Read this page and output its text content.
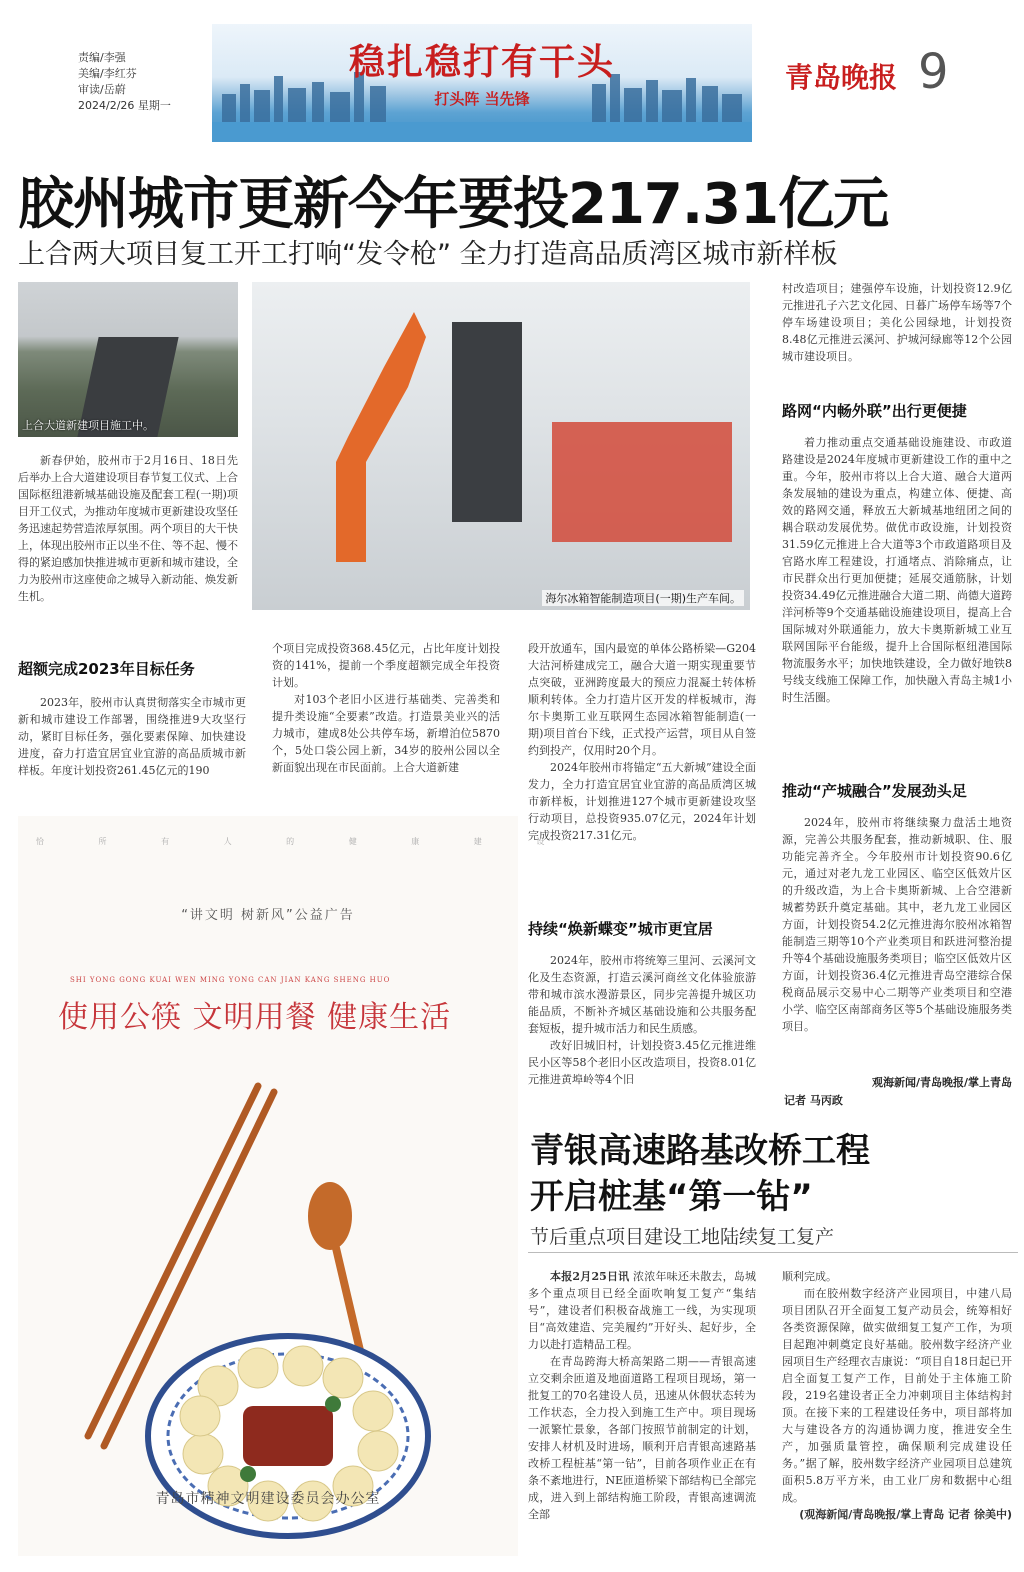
责编/李强
美编/李红芬
审读/岳蔚
2024/2/26 星期一
稳扎稳打有干头
打头阵 当先锋
青岛晚报 9
胶州城市更新今年要投217.31亿元
上合两大项目复工开工打响“发令枪” 全力打造高品质湾区城市新样板
上合大道新建项目施工中。
海尔冰箱智能制造项目(一期)生产车间。

新春伊始，胶州市于2月16日、18日先后举办上合大道建设项目春节复工仪式、上合国际枢纽港新城基础设施及配套工程(一期)项目开工仪式，为推动年度城市更新建设攻坚任务迅速起势营造浓厚氛围。两个项目的大干快上，体现出胶州市正以坐不住、等不起、慢不得的紧迫感加快推进城市更新和城市建设，全力为胶州市这座使命之城导入新动能、焕发新生机。

超额完成2023年目标任务

2023年，胶州市认真贯彻落实全市城市更新和城市建设工作部署，围绕推进9大攻坚行动，紧盯目标任务，强化要素保障、加快建设进度，奋力打造宜居宜业宜游的高品质城市新样板。年度计划投资261.45亿元的190

个项目完成投资368.45亿元，占比年度计划投资的141%，提前一个季度超额完成全年投资计划。

对103个老旧小区进行基础类、完善类和提升类设施“全要素”改造。打造景美业兴的活力城市，建成8处公共停车场，新增泊位5870个，5处口袋公园上新，34岁的胶州公园以全新面貌出现在市民面前。上合大道新建

段开放通车，国内最宽的单体公路桥梁—G204大沽河桥建成完工，融合大道一期实现重要节点突破，亚洲跨度最大的预应力混凝土转体桥顺利转体。全力打造片区开发的样板城市，海尔卡奥斯工业互联网生态园冰箱智能制造(一期)项目首台下线，正式投产运营，项目从自签约到投产，仅用时20个月。

2024年胶州市将锚定“五大新城”建设全面发力，全力打造宜居宜业宜游的高品质湾区城市新样板，计划推进127个城市更新建设攻坚行动项目，总投资935.07亿元，2024年计划完成投资217.31亿元。

持续“焕新蝶变”城市更宜居

2024年，胶州市将统筹三里河、云溪河文化及生态资源，打造云溪河商丝文化体验旅游带和城市滨水漫游景区，同步完善提升城区功能品质，不断补齐城区基础设施和公共服务配套短板，提升城市活力和民生质感。

改好旧城旧村，计划投资3.45亿元推进维民小区等58个老旧小区改造项目，投资8.01亿元推进黄埠岭等4个旧

村改造项目；建强停车设施，计划投资12.9亿元推进孔子六艺文化园、日暮广场停车场等7个停车场建设项目；美化公园绿地，计划投资8.48亿元推进云溪河、护城河绿廊等12个公园城市建设项目。

路网“内畅外联”出行更便捷

着力推动重点交通基础设施建设、市政道路建设是2024年度城市更新建设工作的重中之重。今年，胶州市将以上合大道、融合大道两条发展轴的建设为重点，构建立体、便捷、高效的路网交通，释放五大新城基地纽团之间的耦合联动发展优势。做优市政设施，计划投资31.59亿元推进上合大道等3个市政道路项目及官路水库工程建设，打通堵点、消除痛点，让市民群众出行更加便捷；延展交通筋脉，计划投资34.49亿元推进融合大道二期、尚德大道跨洋河桥等9个交通基础设施建设项目，提高上合国际城对外联通能力，放大卡奥斯新城工业互联网国际平台能级，提升上合国际枢纽港国际物流服务水平；加快地铁建设，全力做好地铁8号线支线施工保障工作，加快融入青岛主城1小时生活圈。

推动“产城融合”发展劲头足

2024年，胶州市将继续聚力盘活土地资源，完善公共服务配套，推动新城职、住、服功能完善齐全。今年胶州市计划投资90.6亿元，通过对老九龙工业园区、临空区低效片区的升级改造，为上合卡奥斯新城、上合空港新城蓄势跃升奠定基础。其中，老九龙工业园区方面，计划投资54.2亿元推进海尔胶州冰箱智能制造三期等10个产业类项目和跃进河整治提升等4个基础设施服务类项目；临空区低效片区方面，计划投资36.4亿元推进青岛空港综合保税商品展示交易中心二期等产业类项目和空港小学、临空区南部商务区等5个基础设施服务类项目。

观海新闻/青岛晚报/掌上青岛
记者 马丙政
恰 所 有 人 的 健 康 建 设
“讲文明 树新风”公益广告
SHI YONG GONG KUAI WEN MING YONG CAN JIAN KANG SHENG HUO
使用公筷 文明用餐 健康生活
青岛市精神文明建设委员会办公室
青银高速路基改桥工程
开启桩基“第一钻”
节后重点项目建设工地陆续复工复产

本报2月25日讯 浓浓年味还未散去，岛城多个重点项目已经全面吹响复工复产“集结号”，建设者们积极奋战施工一线，为实现项目“高效建造、完美履约”开好头、起好步，全力以赴打造精品工程。

在青岛跨海大桥高架路二期——青银高速立交剩余匝道及地面道路工程项目现场，第一批复工的70名建设人员，迅速从休假状态转为工作状态，全力投入到施工生产中。项目现场一派繁忙景象，各部门按照节前制定的计划，安排人材机及时进场，顺利开启青银高速路基改桥工程桩基“第一钻”，目前各项作业正在有条不紊地进行，NE匝道桥梁下部结构已全部完成，进入到上部结构施工阶段，青银高速调流全部

顺利完成。

而在胶州数字经济产业园项目，中建八局项目团队召开全面复工复产动员会，统筹相好各类资源保障，做实做细复工复产工作，为项目起跑冲刺奠定良好基础。胶州数字经济产业园项目生产经理衣吉康说：“项目自18日起已开启全面复工复产工作，目前处于主体施工阶段，219名建设者正全力冲刺项目主体结构封顶。在接下来的工程建设任务中，项目部将加大与建设各方的沟通协调力度，推进安全生产，加强质量管控，确保顺利完成建设任务。”据了解，胶州数字经济产业园项目总建筑面积5.8万平方米，由工业厂房和数据中心组成。

(观海新闻/青岛晚报/掌上青岛 记者 徐美中)
